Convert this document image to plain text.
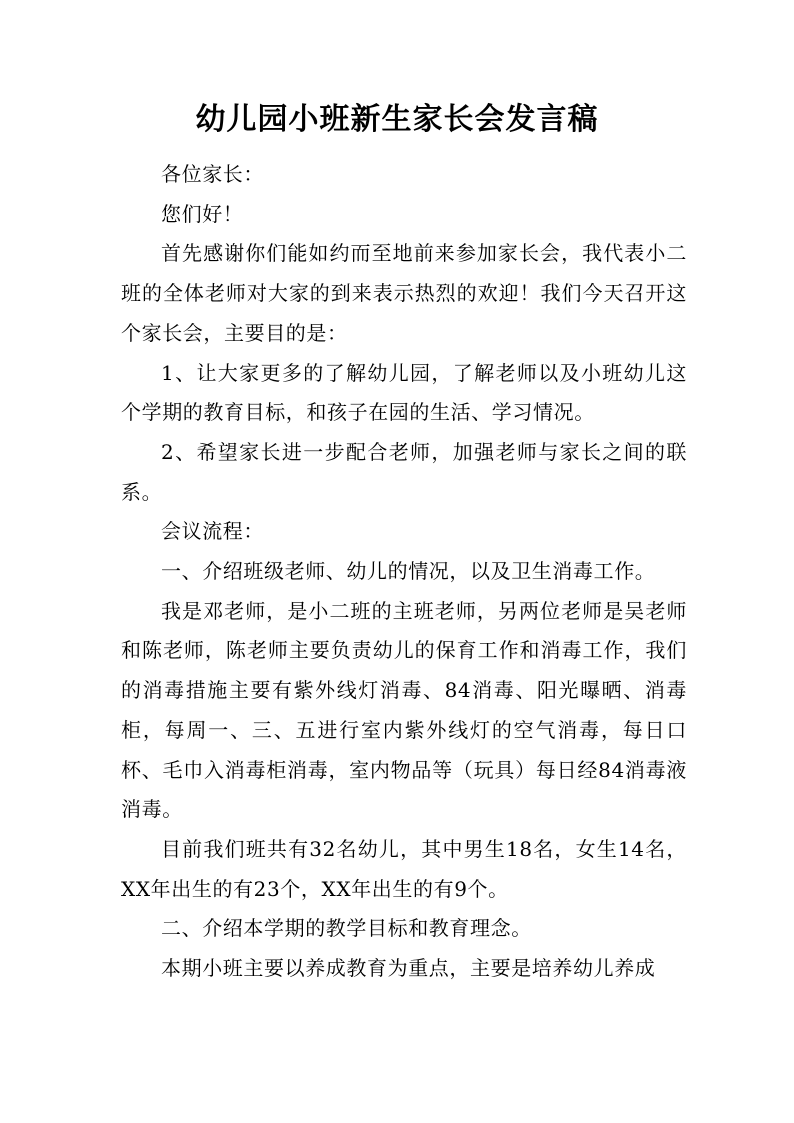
幼儿园小班新生家长会发言稿

各位家长：

您们好！

首先感谢你们能如约而至地前来参加家长会，我代表小二班的全体老师对大家的到来表示热烈的欢迎！我们今天召开这个家长会，主要目的是：

1、让大家更多的了解幼儿园，了解老师以及小班幼儿这个学期的教育目标，和孩子在园的生活、学习情况。

2、希望家长进一步配合老师，加强老师与家长之间的联系。

会议流程：

一、介绍班级老师、幼儿的情况，以及卫生消毒工作。

我是邓老师，是小二班的主班老师，另两位老师是吴老师和陈老师，陈老师主要负责幼儿的保育工作和消毒工作，我们的消毒措施主要有紫外线灯消毒、84消毒、阳光曝晒、消毒柜，每周一、三、五进行室内紫外线灯的空气消毒，每日口杯、毛巾入消毒柜消毒，室内物品等（玩具）每日经84消毒液消毒。

目前我们班共有32名幼儿，其中男生18名，女生14名，XX年出生的有23个，XX年出生的有9个。

二、介绍本学期的教学目标和教育理念。

本期小班主要以养成教育为重点，主要是培养幼儿养成
